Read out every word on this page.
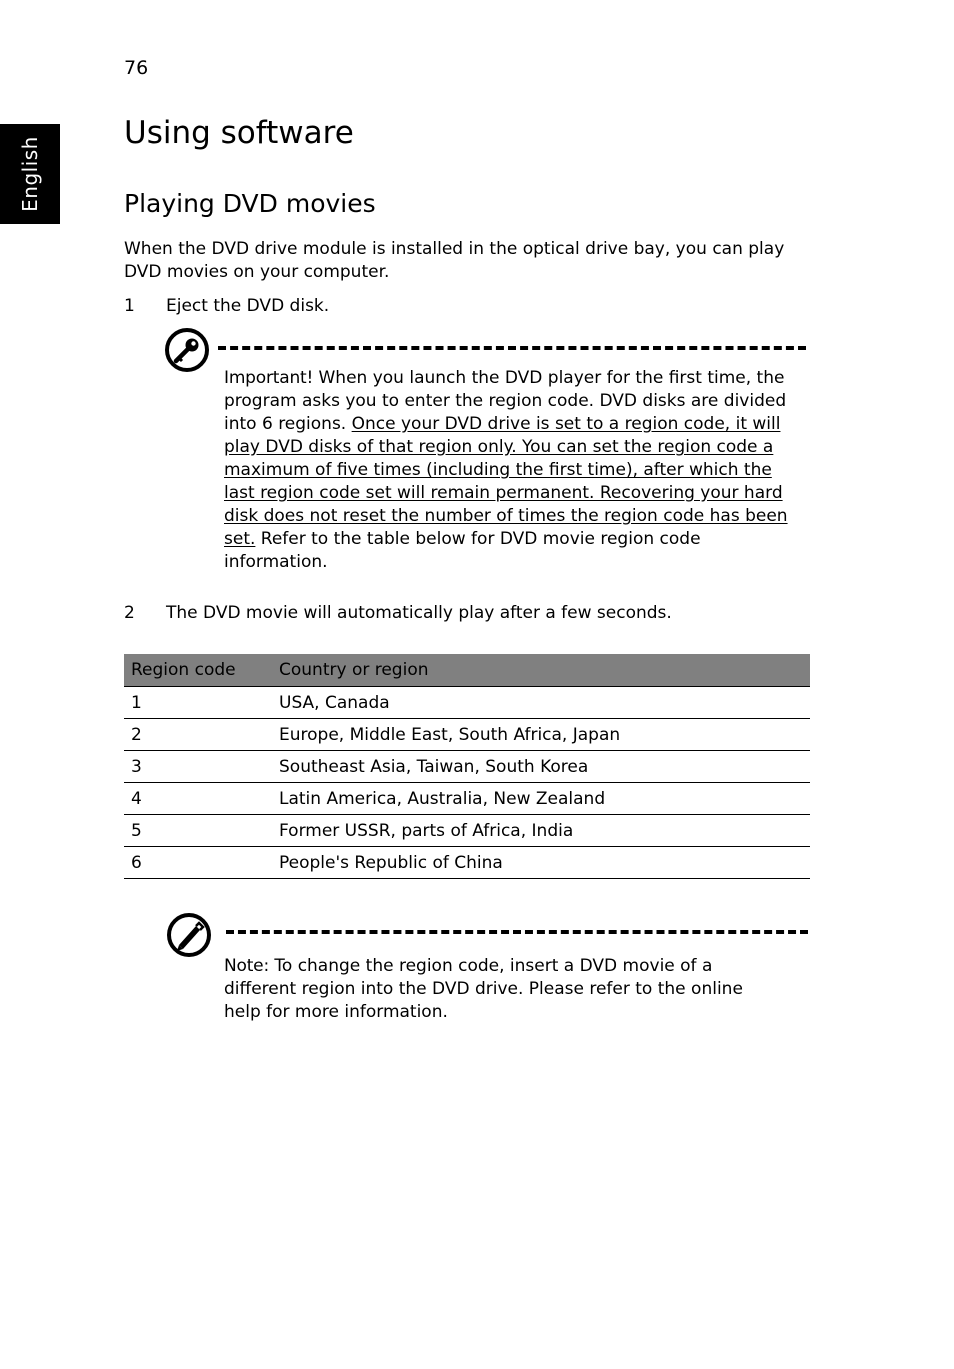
76
English
Using software
Playing DVD movies
When the DVD drive module is installed in the optical drive bay, you can play DVD movies on your computer.
1 Eject the DVD disk.
Important! When you launch the DVD player for the first time, the program asks you to enter the region code. DVD disks are divided into 6 regions. Once your DVD drive is set to a region code, it will play DVD disks of that region only. You can set the region code a maximum of five times (including the first time), after which the last region code set will remain permanent. Recovering your hard disk does not reset the number of times the region code has been set. Refer to the table below for DVD movie region code information.
2 The DVD movie will automatically play after a few seconds.
Region code	Country or region
1	USA, Canada
2	Europe, Middle East, South Africa, Japan
3	Southeast Asia, Taiwan, South Korea
4	Latin America, Australia, New Zealand
5	Former USSR, parts of Africa, India
6	People's Republic of China
Note: To change the region code, insert a DVD movie of a different region into the DVD drive. Please refer to the online help for more information.
